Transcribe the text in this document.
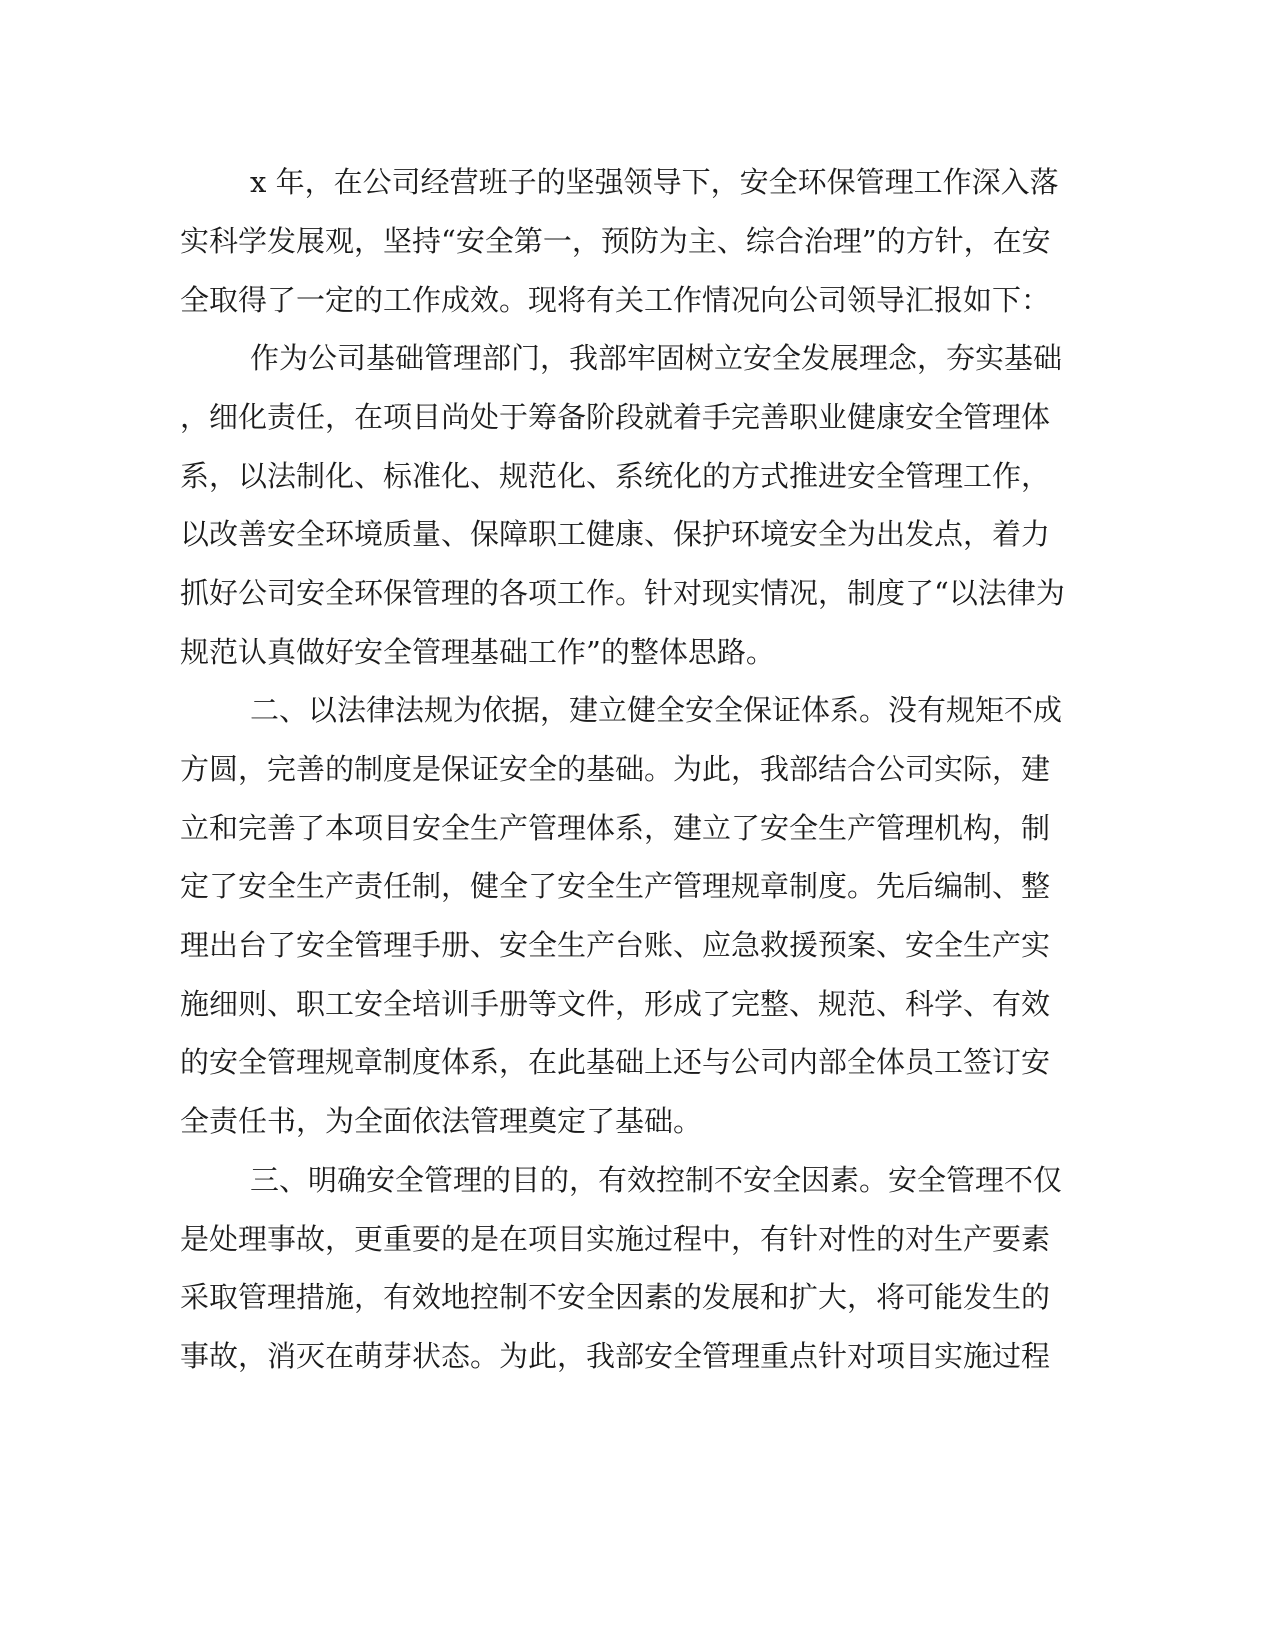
x 年，在公司经营班子的坚强领导下，安全环保管理工作深入落
实科学发展观，坚持“安全第一，预防为主、综合治理”的方针，在安
全取得了一定的工作成效。现将有关工作情况向公司领导汇报如下：
作为公司基础管理部门，我部牢固树立安全发展理念，夯实基础
，细化责任，在项目尚处于筹备阶段就着手完善职业健康安全管理体
系，以法制化、标准化、规范化、系统化的方式推进安全管理工作，
以改善安全环境质量、保障职工健康、保护环境安全为出发点，着力
抓好公司安全环保管理的各项工作。针对现实情况，制度了“以法律为
规范认真做好安全管理基础工作”的整体思路。
二、以法律法规为依据，建立健全安全保证体系。没有规矩不成
方圆，完善的制度是保证安全的基础。为此，我部结合公司实际，建
立和完善了本项目安全生产管理体系，建立了安全生产管理机构，制
定了安全生产责任制，健全了安全生产管理规章制度。先后编制、整
理出台了安全管理手册、安全生产台账、应急救援预案、安全生产实
施细则、职工安全培训手册等文件，形成了完整、规范、科学、有效
的安全管理规章制度体系，在此基础上还与公司内部全体员工签订安
全责任书，为全面依法管理奠定了基础。
三、明确安全管理的目的，有效控制不安全因素。安全管理不仅
是处理事故，更重要的是在项目实施过程中，有针对性的对生产要素
采取管理措施，有效地控制不安全因素的发展和扩大，将可能发生的
事故，消灭在萌芽状态。为此，我部安全管理重点针对项目实施过程
